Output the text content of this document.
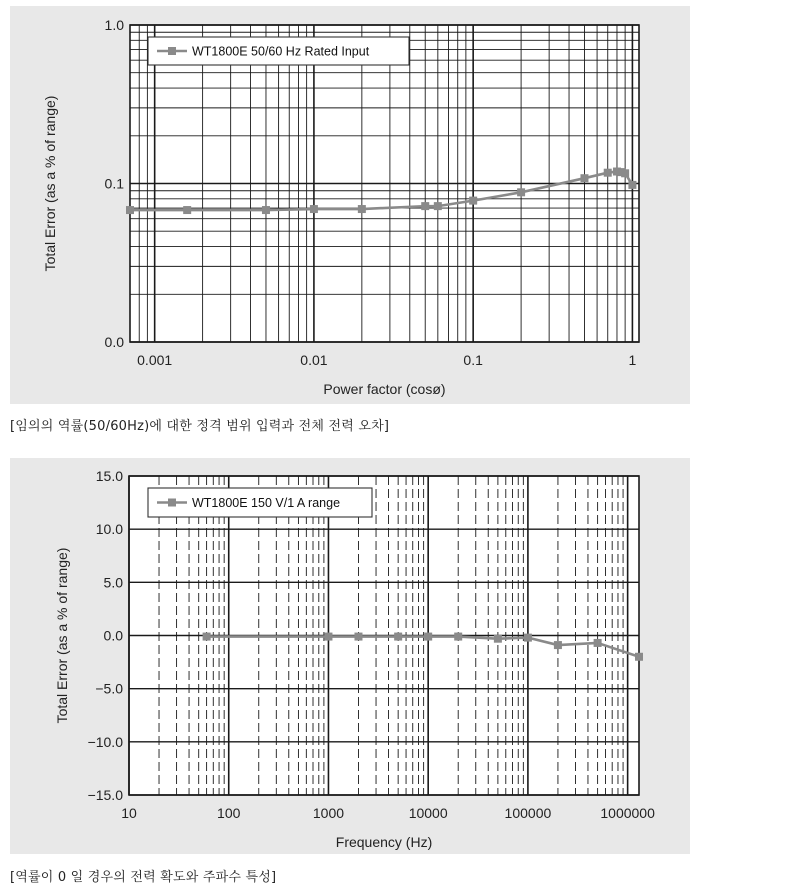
0.0
0.1
1.0
0.001	0.01	0.1	1
Power factor (cosø)
Total Error (as a % of range)
WT1800E 50/60 Hz Rated Input
[임의의 역률(50/60Hz)에 대한 정격 범위 입력과 전체 전력 오차]
15.0
10.0
5.0
0.0
−5.0
−10.0
−15.0
10	100	1000	10000	100000	1000000
Frequency (Hz)
Total Error (as a % of range)
WT1800E 150 V/1 A range
[역률이 0 일 경우의 전력 확도와 주파수 특성]
